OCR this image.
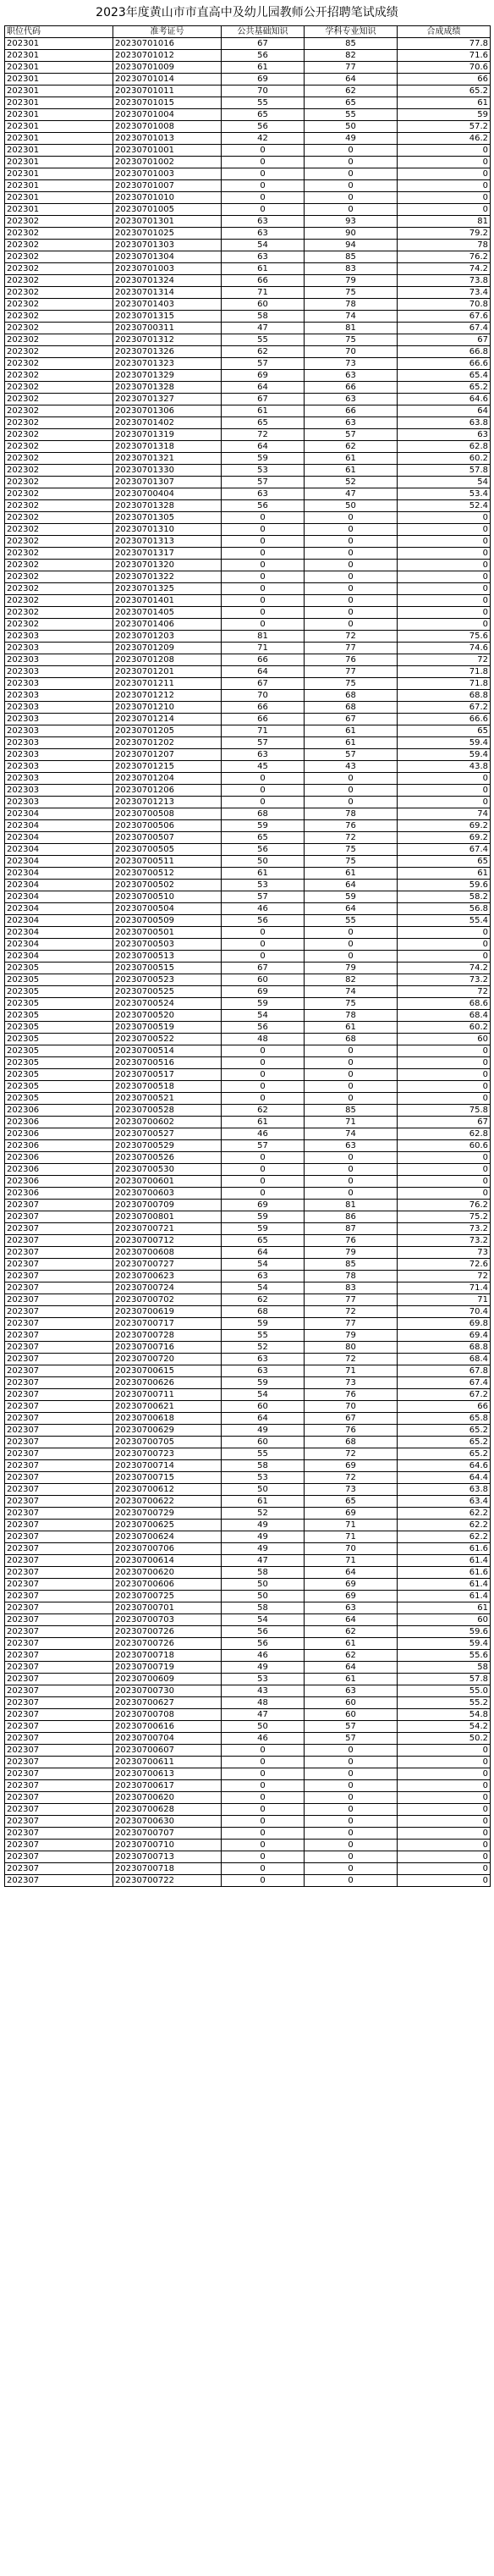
2023年度黄山市市直高中及幼儿园教师公开招聘笔试成绩
职位代码	准考证号	公共基础知识	学科专业知识	合成成绩
202301	20230701016	67	85	77.8
202301	20230701012	56	82	71.6
202301	20230701009	61	77	70.6
202301	20230701014	69	64	66
202301	20230701011	70	62	65.2
202301	20230701015	55	65	61
202301	20230701004	65	55	59
202301	20230701008	56	50	57.2
202301	20230701013	42	49	46.2
202301	20230701001	0	0	0
202301	20230701002	0	0	0
202301	20230701003	0	0	0
202301	20230701007	0	0	0
202301	20230701010	0	0	0
202301	20230701005	0	0	0
202302	20230701301	63	93	81
202302	20230701025	63	90	79.2
202302	20230701303	54	94	78
202302	20230701304	63	85	76.2
202302	20230701003	61	83	74.2
202302	20230701324	66	79	73.8
202302	20230701314	71	75	73.4
202302	20230701403	60	78	70.8
202302	20230701315	58	74	67.6
202302	20230700311	47	81	67.4
202302	20230701312	55	75	67
202302	20230701326	62	70	66.8
202302	20230701323	57	73	66.6
202302	20230701329	69	63	65.4
202302	20230701328	64	66	65.2
202302	20230701327	67	63	64.6
202302	20230701306	61	66	64
202302	20230701402	65	63	63.8
202302	20230701319	72	57	63
202302	20230701318	64	62	62.8
202302	20230701321	59	61	60.2
202302	20230701330	53	61	57.8
202302	20230701307	57	52	54
202302	20230700404	63	47	53.4
202302	20230701328	56	50	52.4
202302	20230701305	0	0	0
202302	20230701310	0	0	0
202302	20230701313	0	0	0
202302	20230701317	0	0	0
202302	20230701320	0	0	0
202302	20230701322	0	0	0
202302	20230701325	0	0	0
202302	20230701401	0	0	0
202302	20230701405	0	0	0
202302	20230701406	0	0	0
202303	20230701203	81	72	75.6
202303	20230701209	71	77	74.6
202303	20230701208	66	76	72
202303	20230701201	64	77	71.8
202303	20230701211	67	75	71.8
202303	20230701212	70	68	68.8
202303	20230701210	66	68	67.2
202303	20230701214	66	67	66.6
202303	20230701205	71	61	65
202303	20230701202	57	61	59.4
202303	20230701207	63	57	59.4
202303	20230701215	45	43	43.8
202303	20230701204	0	0	0
202303	20230701206	0	0	0
202303	20230701213	0	0	0
202304	20230700508	68	78	74
202304	20230700506	59	76	69.2
202304	20230700507	65	72	69.2
202304	20230700505	56	75	67.4
202304	20230700511	50	75	65
202304	20230700512	61	61	61
202304	20230700502	53	64	59.6
202304	20230700510	57	59	58.2
202304	20230700504	46	64	56.8
202304	20230700509	56	55	55.4
202304	20230700501	0	0	0
202304	20230700503	0	0	0
202304	20230700513	0	0	0
202305	20230700515	67	79	74.2
202305	20230700523	60	82	73.2
202305	20230700525	69	74	72
202305	20230700524	59	75	68.6
202305	20230700520	54	78	68.4
202305	20230700519	56	61	60.2
202305	20230700522	48	68	60
202305	20230700514	0	0	0
202305	20230700516	0	0	0
202305	20230700517	0	0	0
202305	20230700518	0	0	0
202305	20230700521	0	0	0
202306	20230700528	62	85	75.8
202306	20230700602	61	71	67
202306	20230700527	46	74	62.8
202306	20230700529	57	63	60.6
202306	20230700526	0	0	0
202306	20230700530	0	0	0
202306	20230700601	0	0	0
202306	20230700603	0	0	0
202307	20230700709	69	81	76.2
202307	20230700801	59	86	75.2
202307	20230700721	59	87	73.2
202307	20230700712	65	76	73.2
202307	20230700608	64	79	73
202307	20230700727	54	85	72.6
202307	20230700623	63	78	72
202307	20230700724	54	83	71.4
202307	20230700702	62	77	71
202307	20230700619	68	72	70.4
202307	20230700717	59	77	69.8
202307	20230700728	55	79	69.4
202307	20230700716	52	80	68.8
202307	20230700720	63	72	68.4
202307	20230700615	63	71	67.8
202307	20230700626	59	73	67.4
202307	20230700711	54	76	67.2
202307	20230700621	60	70	66
202307	20230700618	64	67	65.8
202307	20230700629	49	76	65.2
202307	20230700705	60	68	65.2
202307	20230700723	55	72	65.2
202307	20230700714	58	69	64.6
202307	20230700715	53	72	64.4
202307	20230700612	50	73	63.8
202307	20230700622	61	65	63.4
202307	20230700729	52	69	62.2
202307	20230700625	49	71	62.2
202307	20230700624	49	71	62.2
202307	20230700706	49	70	61.6
202307	20230700614	47	71	61.4
202307	20230700620	58	64	61.6
202307	20230700606	50	69	61.4
202307	20230700725	50	69	61.4
202307	20230700701	58	63	61
202307	20230700703	54	64	60
202307	20230700726	56	62	59.6
202307	20230700726	56	61	59.4
202307	20230700718	46	62	55.6
202307	20230700719	49	64	58
202307	20230700609	53	61	57.8
202307	20230700730	43	63	55.0
202307	20230700627	48	60	55.2
202307	20230700708	47	60	54.8
202307	20230700616	50	57	54.2
202307	20230700704	46	57	50.2
202307	20230700607	0	0	0
202307	20230700611	0	0	0
202307	20230700613	0	0	0
202307	20230700617	0	0	0
202307	20230700620	0	0	0
202307	20230700628	0	0	0
202307	20230700630	0	0	0
202307	20230700707	0	0	0
202307	20230700710	0	0	0
202307	20230700713	0	0	0
202307	20230700718	0	0	0
202307	20230700722	0	0	0
